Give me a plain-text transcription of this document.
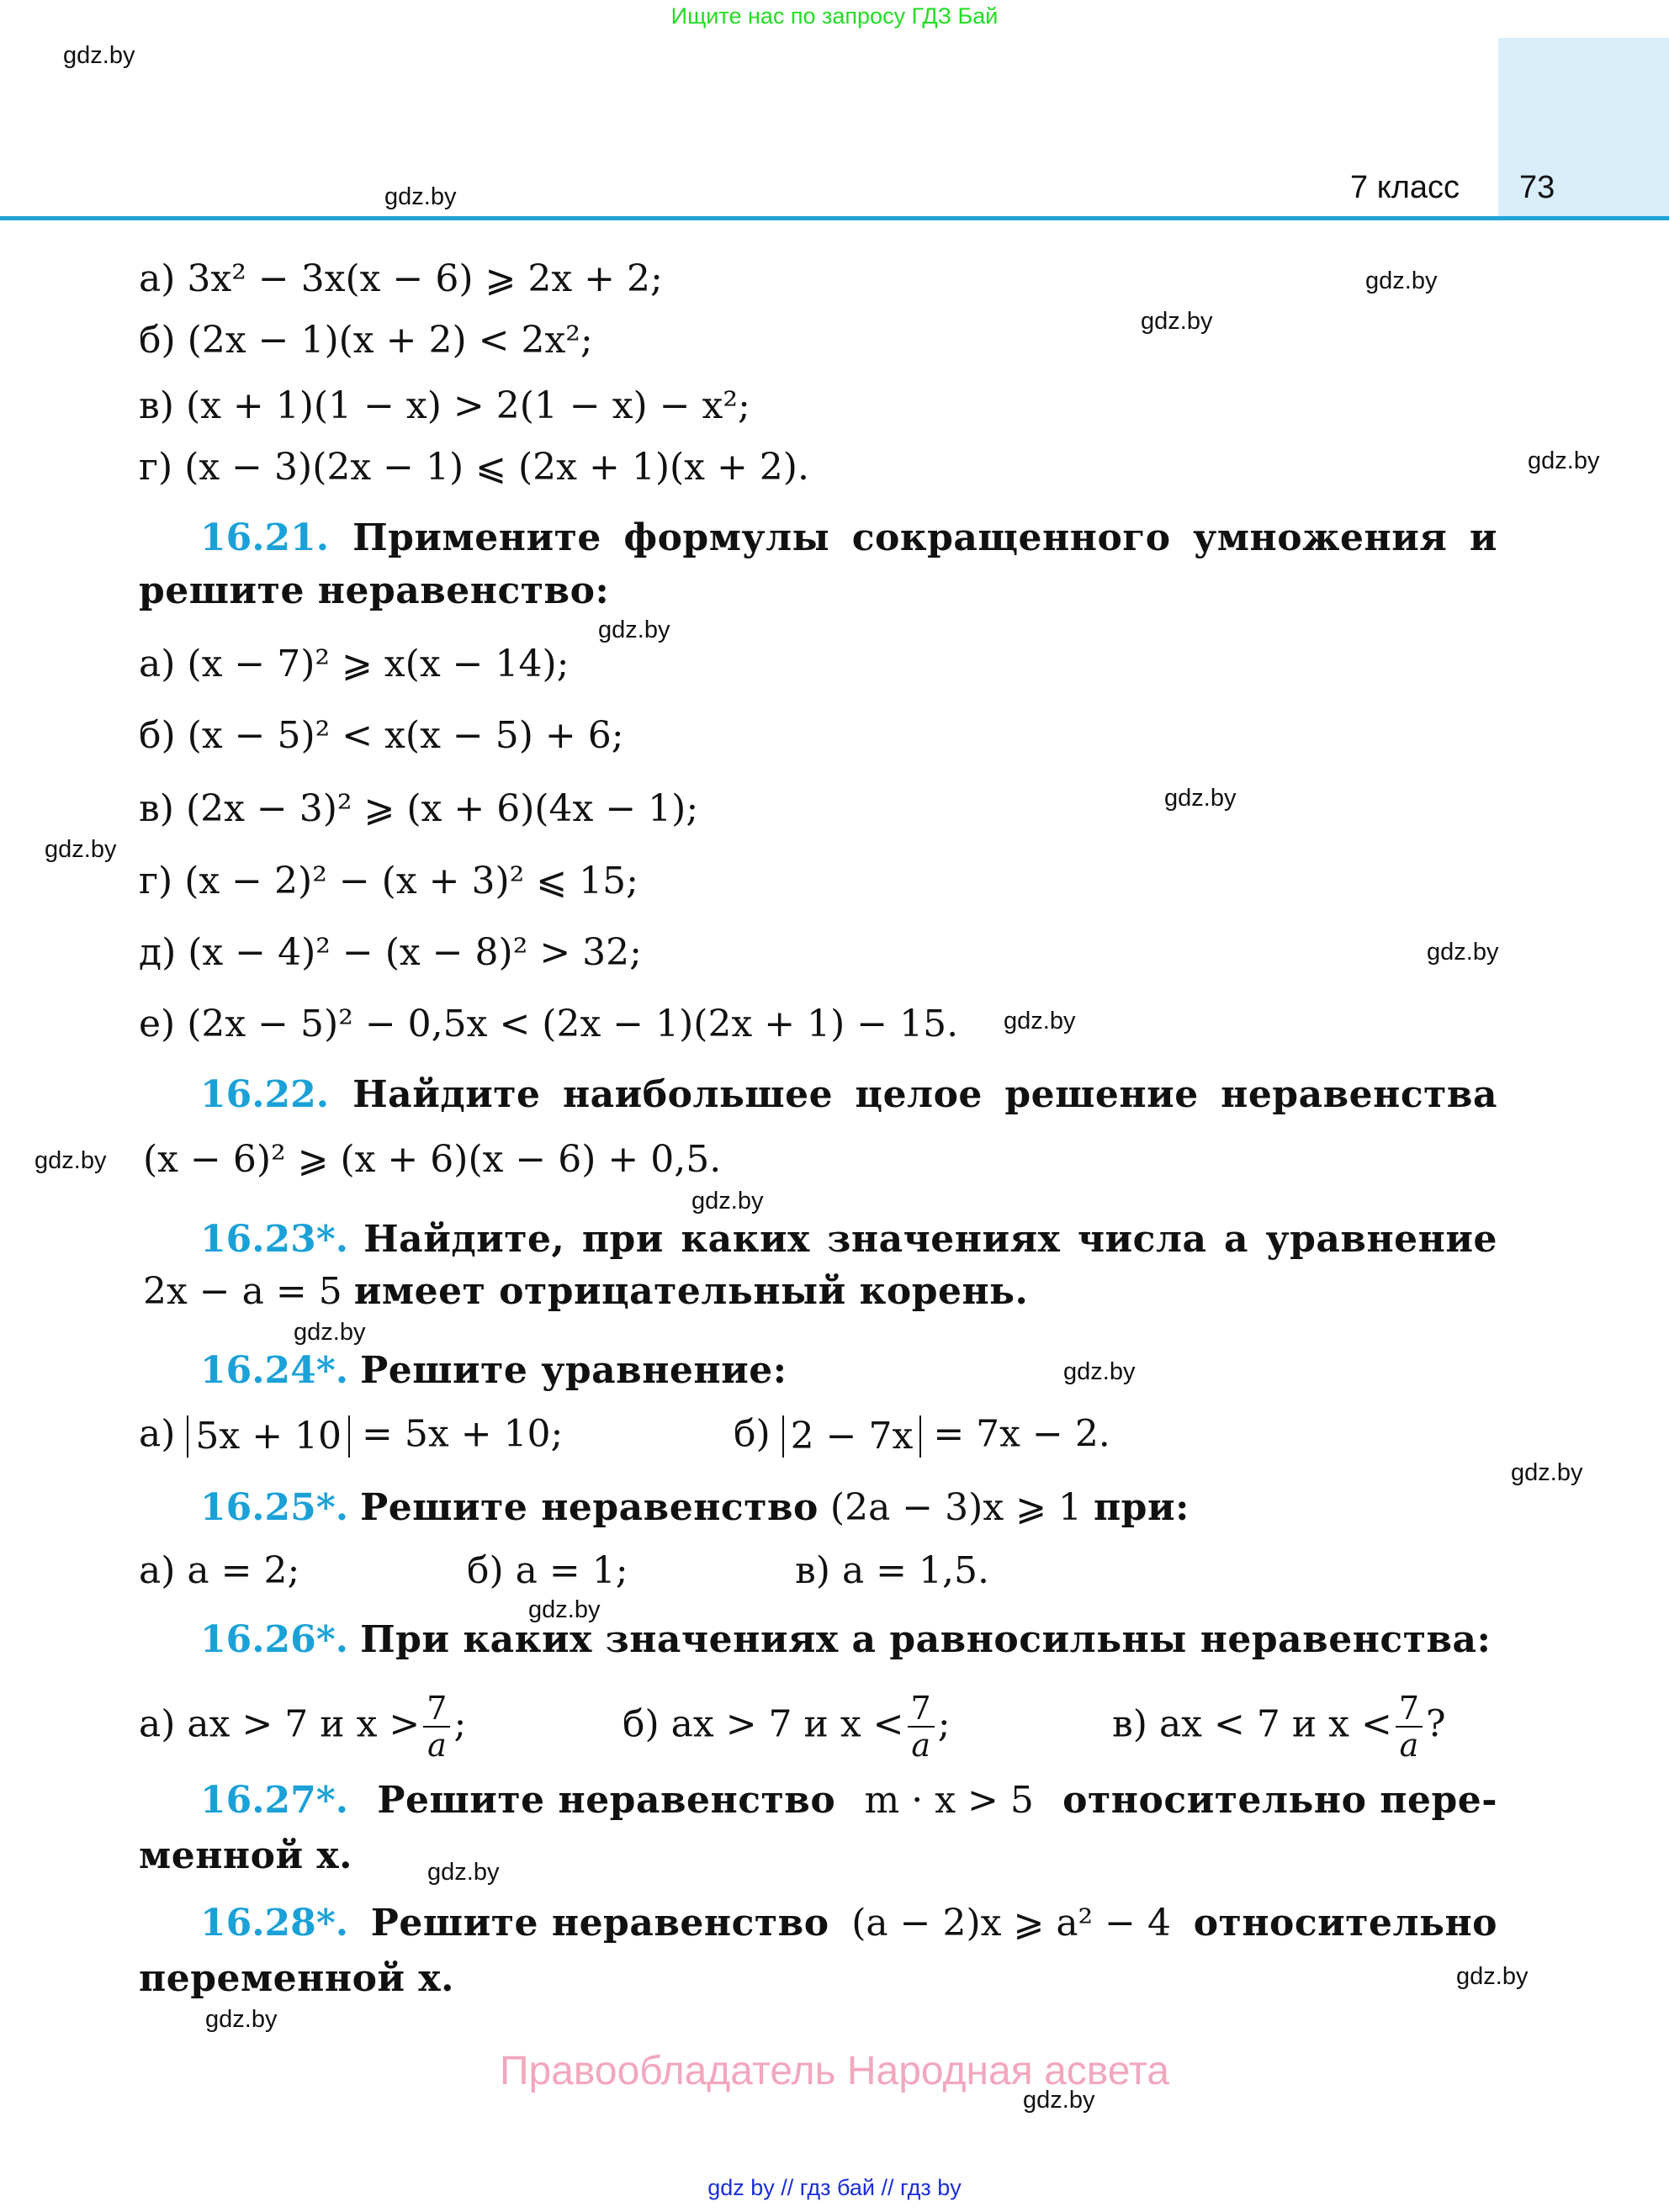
Ищите нас по запросу ГДЗ Бай
7 класс 73
gdz.by
gdz.by
gdz.by
gdz.by
gdz.by
gdz.by
gdz.by
gdz.by
gdz.by
gdz.by
gdz.by
gdz.by
gdz.by
gdz.by
gdz.by
gdz.by
gdz.by
gdz.by
gdz.by
gdz.by
а) 3x² − 3x(x − 6) ⩾ 2x + 2;
б) (2x − 1)(x + 2) < 2x²;
в) (x + 1)(1 − x) > 2(1 − x) − x²;
г) (x − 3)(2x − 1) ⩽ (2x + 1)(x + 2).
16.21. Примените формулы сокращенного умножения и
решите неравенство:
а) (x − 7)² ⩾ x(x − 14);
б) (x − 5)² < x(x − 5) + 6;
в) (2x − 3)² ⩾ (x + 6)(4x − 1);
г) (x − 2)² − (x + 3)² ⩽ 15;
д) (x − 4)² − (x − 8)² > 32;
е) (2x − 5)² − 0,5x < (2x − 1)(2x + 1) − 15.
16.22. Найдите наибольшее целое решение неравенства
(x − 6)² ⩾ (x + 6)(x − 6) + 0,5.
16.23*. Найдите, при каких значениях числа a уравнение
2x − a = 5 имеет отрицательный корень.
16.24*. Решите уравнение:
а) 5x + 10 = 5x + 10;	б) 2 − 7x = 7x − 2.
16.25*. Решите неравенство (2a − 3)x ⩾ 1 при:
а) a = 2;	б) a = 1;	в) a = 1,5.
16.26*. При каких значениях a равносильны неравенства:
а) ax > 7 и $x > \frac{7}{a}$ ;	б) ax > 7 и $x < \frac{7}{a}$ ;	в) ax < 7 и $x < \frac{7}{a}$ ?
16.27*. Решите неравенство m · x > 5 относительно пере-
менной x.
16.28*. Решите неравенство (a − 2)x ⩾ a² − 4 относительно
переменной x.
Правообладатель Народная асвета
gdz by // гдз бай // гдз by
